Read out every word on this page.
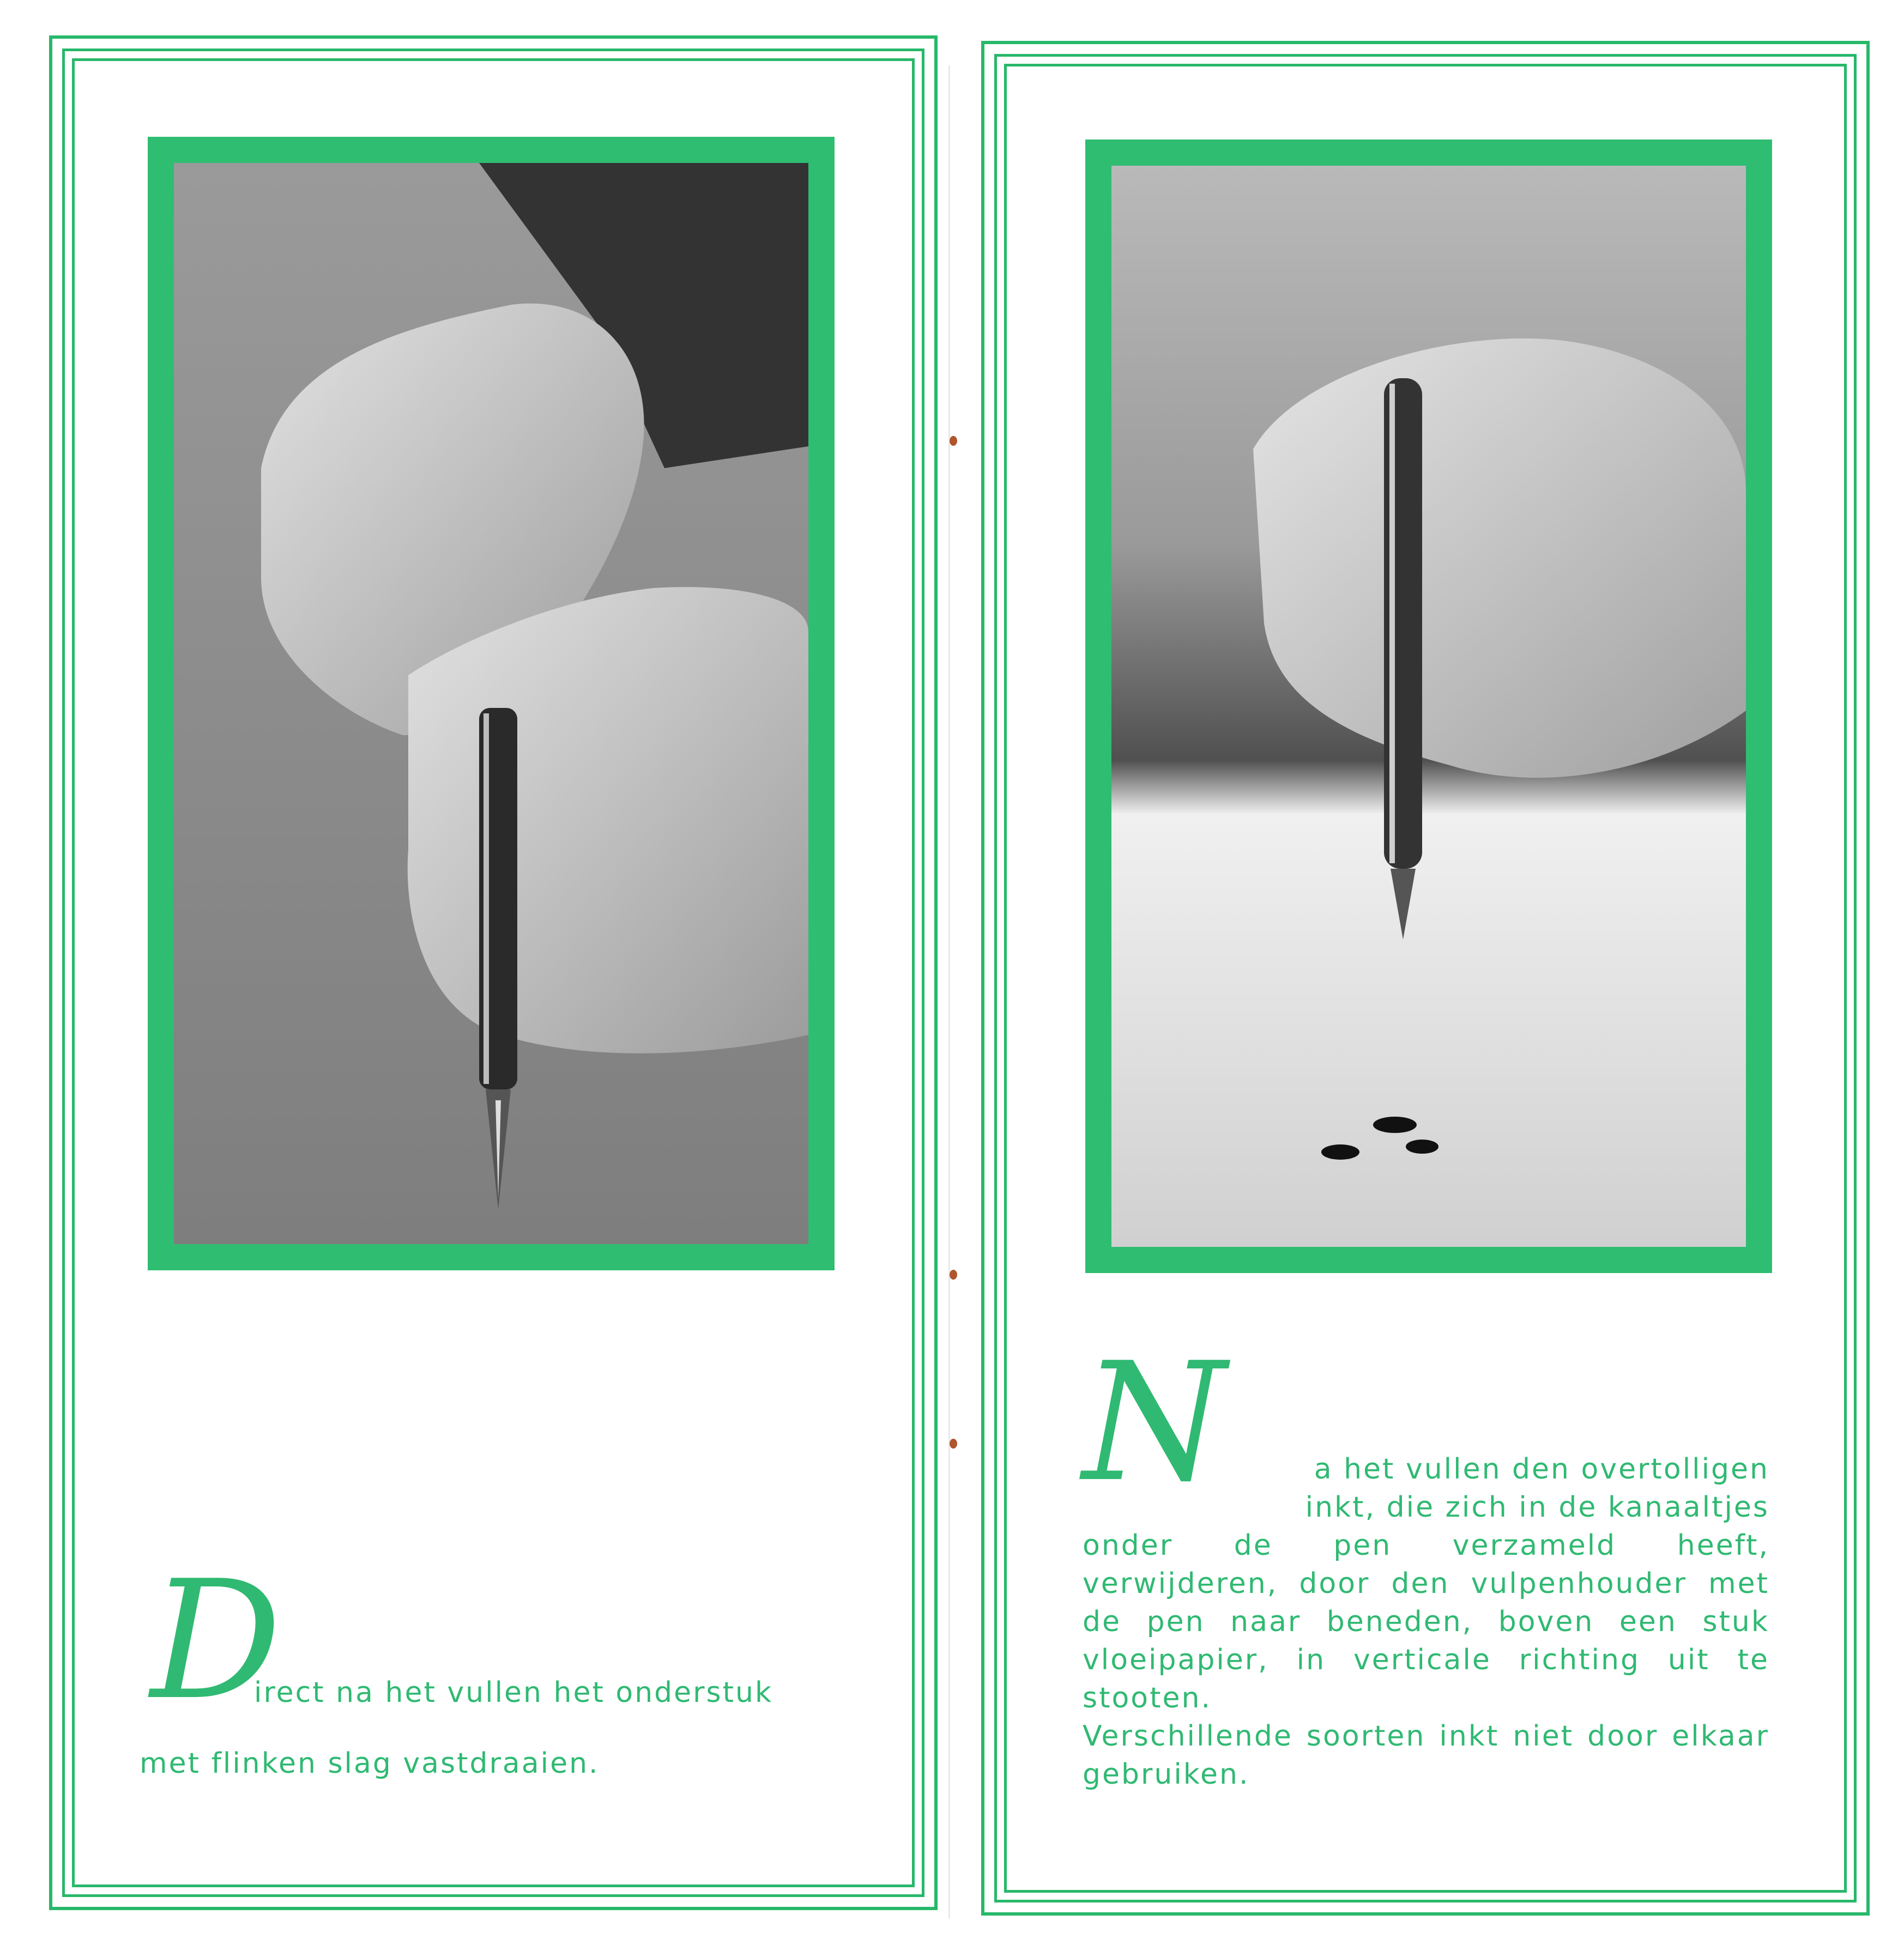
D
irect na het vullen het onderstuk
met flinken slag vastdraaien.
N	a het vullen den overtolligen
inkt, die zich in de kanaaltjes
onder de pen verzameld heeft, verwijderen, door den vulpenhouder met de pen naar beneden, boven een stuk vloeipapier, in verticale richting uit te stooten.
Verschillende soorten inkt niet door elkaar gebruiken.
